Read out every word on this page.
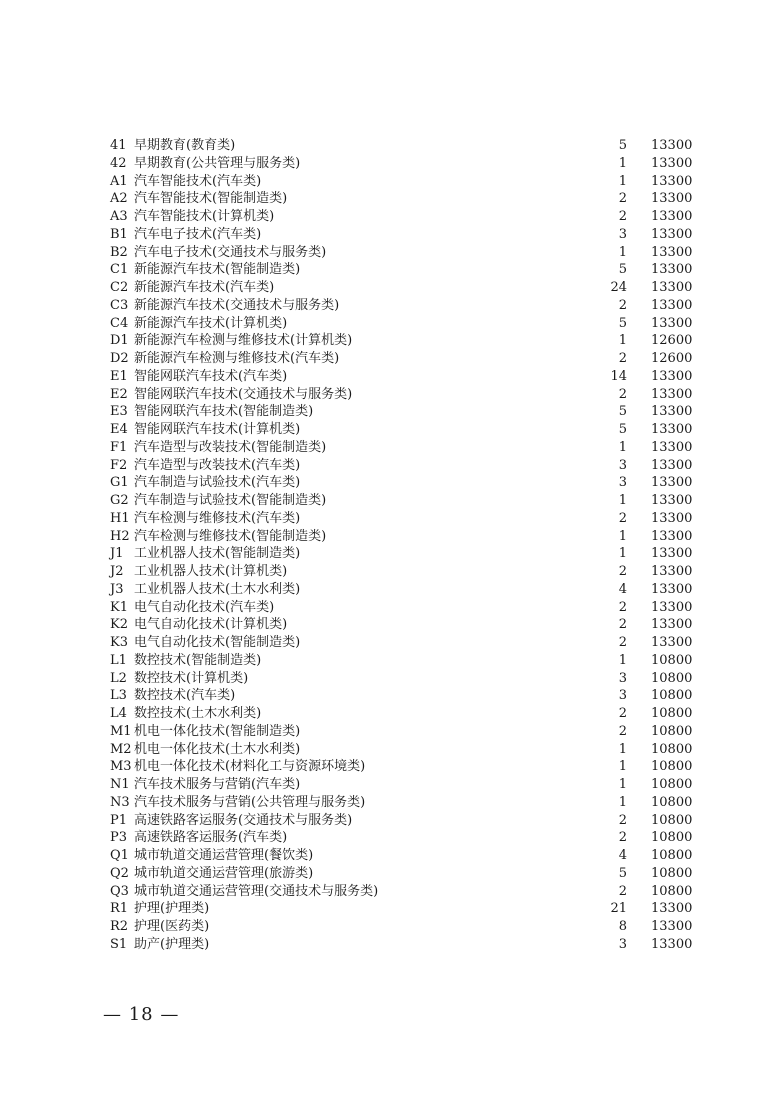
41 早期教育(教育类)	5 13300
42 早期教育(公共管理与服务类)	1 13300
A1 汽车智能技术(汽车类)	1 13300
A2 汽车智能技术(智能制造类)	2 13300
A3 汽车智能技术(计算机类)	2 13300
B1 汽车电子技术(汽车类)	3 13300
B2 汽车电子技术(交通技术与服务类)	1 13300
C1 新能源汽车技术(智能制造类)	5 13300
C2 新能源汽车技术(汽车类)	24 13300
C3 新能源汽车技术(交通技术与服务类)	2 13300
C4 新能源汽车技术(计算机类)	5 13300
D1 新能源汽车检测与维修技术(计算机类)	1 12600
D2 新能源汽车检测与维修技术(汽车类)	2 12600
E1 智能网联汽车技术(汽车类)	14 13300
E2 智能网联汽车技术(交通技术与服务类)	2 13300
E3 智能网联汽车技术(智能制造类)	5 13300
E4 智能网联汽车技术(计算机类)	5 13300
F1 汽车造型与改装技术(智能制造类)	1 13300
F2 汽车造型与改装技术(汽车类)	3 13300
G1 汽车制造与试验技术(汽车类)	3 13300
G2 汽车制造与试验技术(智能制造类)	1 13300
H1 汽车检测与维修技术(汽车类)	2 13300
H2 汽车检测与维修技术(智能制造类)	1 13300
J1 工业机器人技术(智能制造类)	1 13300
J2 工业机器人技术(计算机类)	2 13300
J3 工业机器人技术(土木水利类)	4 13300
K1 电气自动化技术(汽车类)	2 13300
K2 电气自动化技术(计算机类)	2 13300
K3 电气自动化技术(智能制造类)	2 13300
L1 数控技术(智能制造类)	1 10800
L2 数控技术(计算机类)	3 10800
L3 数控技术(汽车类)	3 10800
L4 数控技术(土木水利类)	2 10800
M1 机电一体化技术(智能制造类)	2 10800
M2 机电一体化技术(土木水利类)	1 10800
M3 机电一体化技术(材料化工与资源环境类)	1 10800
N1 汽车技术服务与营销(汽车类)	1 10800
N3 汽车技术服务与营销(公共管理与服务类)	1 10800
P1 高速铁路客运服务(交通技术与服务类)	2 10800
P3 高速铁路客运服务(汽车类)	2 10800
Q1 城市轨道交通运营管理(餐饮类)	4 10800
Q2 城市轨道交通运营管理(旅游类)	5 10800
Q3 城市轨道交通运营管理(交通技术与服务类)	2 10800
R1 护理(护理类)	21 13300
R2 护理(医药类)	8 13300
S1 助产(护理类)	3 13300
— 18 —
